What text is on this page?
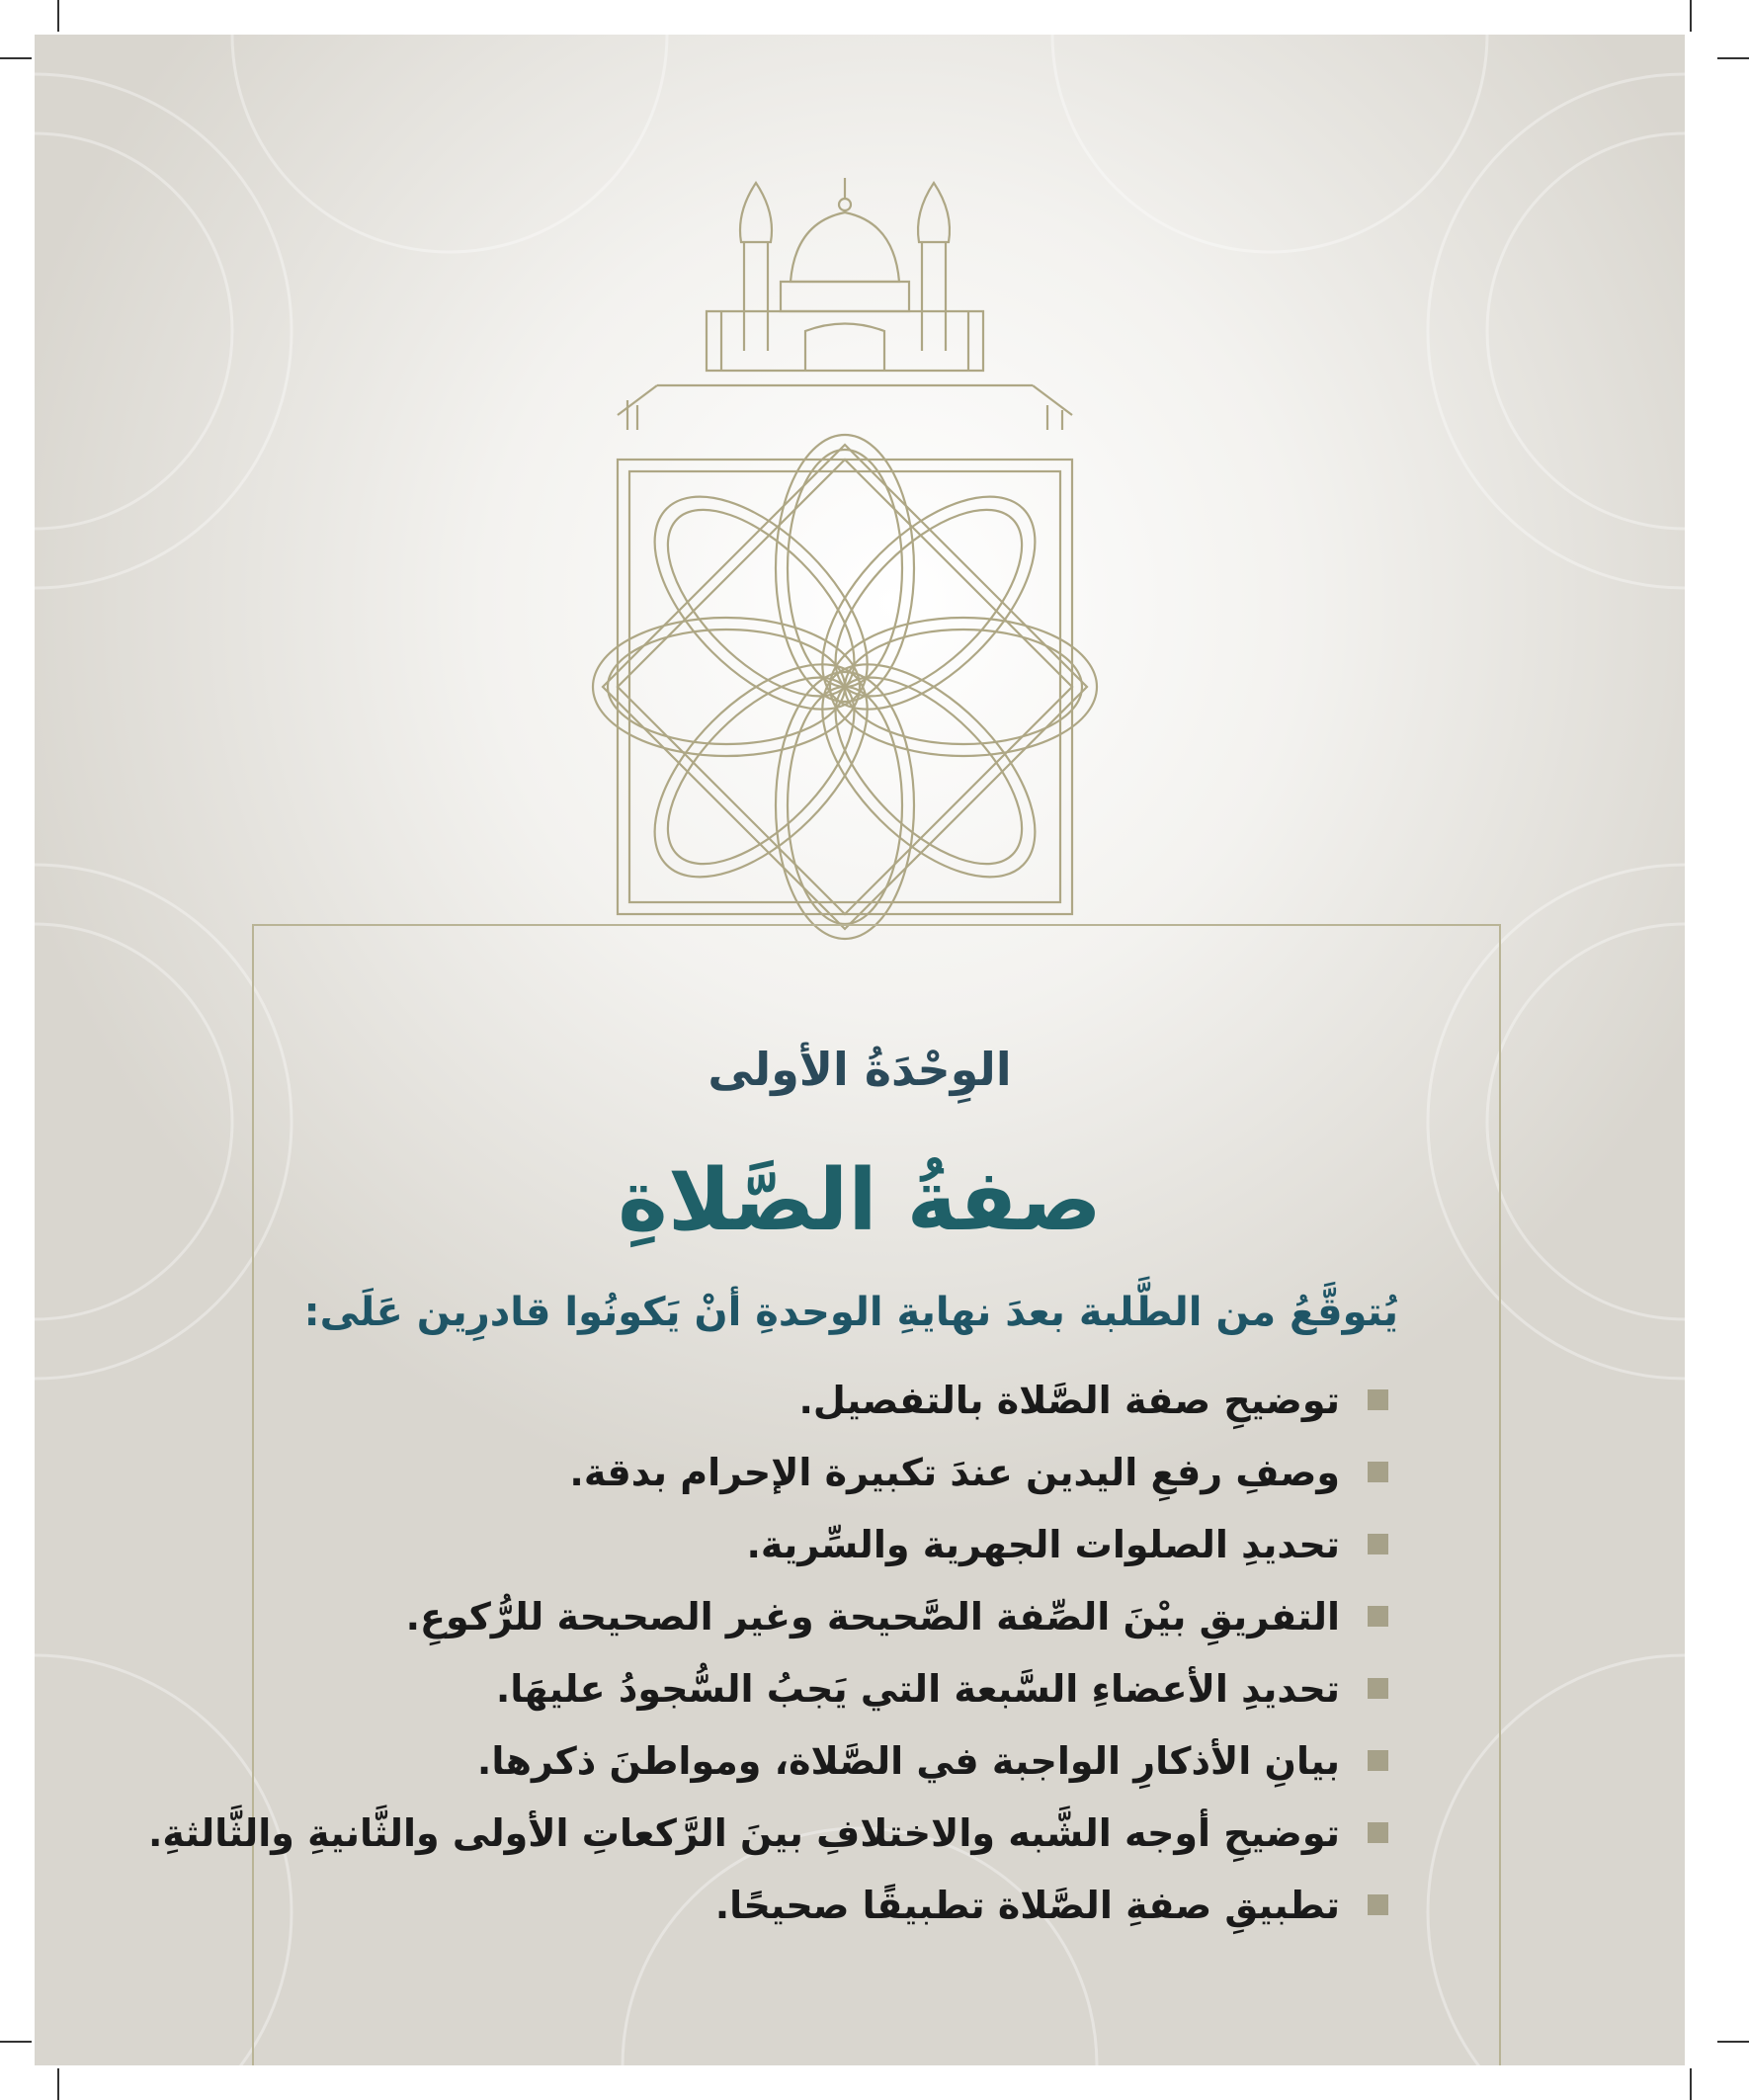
الوِحْدَةُ الأولى
صفةُ الصَّلاةِ
يُتوقَّعُ من الطَّلبة بعدَ نهايةِ الوحدةِ أنْ يَكونُوا قادرِين عَلَى:
توضيحِ صفة الصَّلاة بالتفصيل.
وصفِ رفعِ اليدين عندَ تكبيرة الإحرام بدقة.
تحديدِ الصلوات الجهرية والسِّرية.
التفريقِ بيْنَ الصِّفة الصَّحيحة وغير الصحيحة للرُّكوعِ.
تحديدِ الأعضاءِ السَّبعة التي يَجبُ السُّجودُ عليهَا.
بيانِ الأذكارِ الواجبة في الصَّلاة، ومواطنَ ذكرها.
توضيحِ أوجه الشَّبه والاختلافِ بينَ الرَّكعاتِ الأولى والثَّانيةِ والثَّالثةِ.
تطبيقِ صفةِ الصَّلاة تطبيقًا صحيحًا.
